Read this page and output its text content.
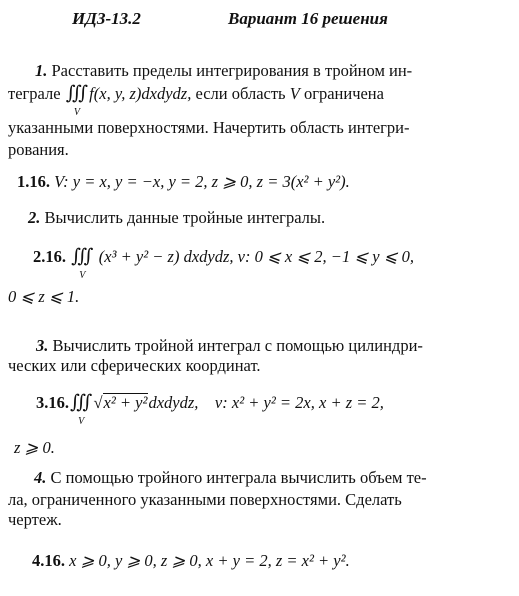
ИДЗ-13.2	Вариант 16 решения
1. Расставить пределы интегрирования в тройном ин-
теграле ∭
V
f(x, y, z)dxdydz, если область V ограничена
указанными поверхностями. Начертить область интегри-
рования.
1.16. V: y = x, y = −x, y = 2, z ⩾ 0, z = 3(x² + y²).
2. Вычислить данные тройные интегралы.
2.16. ∭
V
(x³ + y² − z) dxdydz, v: 0 ⩽ x ⩽ 2, −1 ⩽ y ⩽ 0,
0 ⩽ z ⩽ 1.
3. Вычислить тройной интеграл с помощью цилиндри-
ческих или сферических координат.
3.16.∭
V
√x² + y²dxdydz, v: x² + y² = 2x, x + z = 2,
z ⩾ 0.
4. С помощью тройного интеграла вычислить объем те-
ла, ограниченного указанными поверхностями. Сделать
чертеж.
4.16. x ⩾ 0, y ⩾ 0, z ⩾ 0, x + y = 2, z = x² + y².
